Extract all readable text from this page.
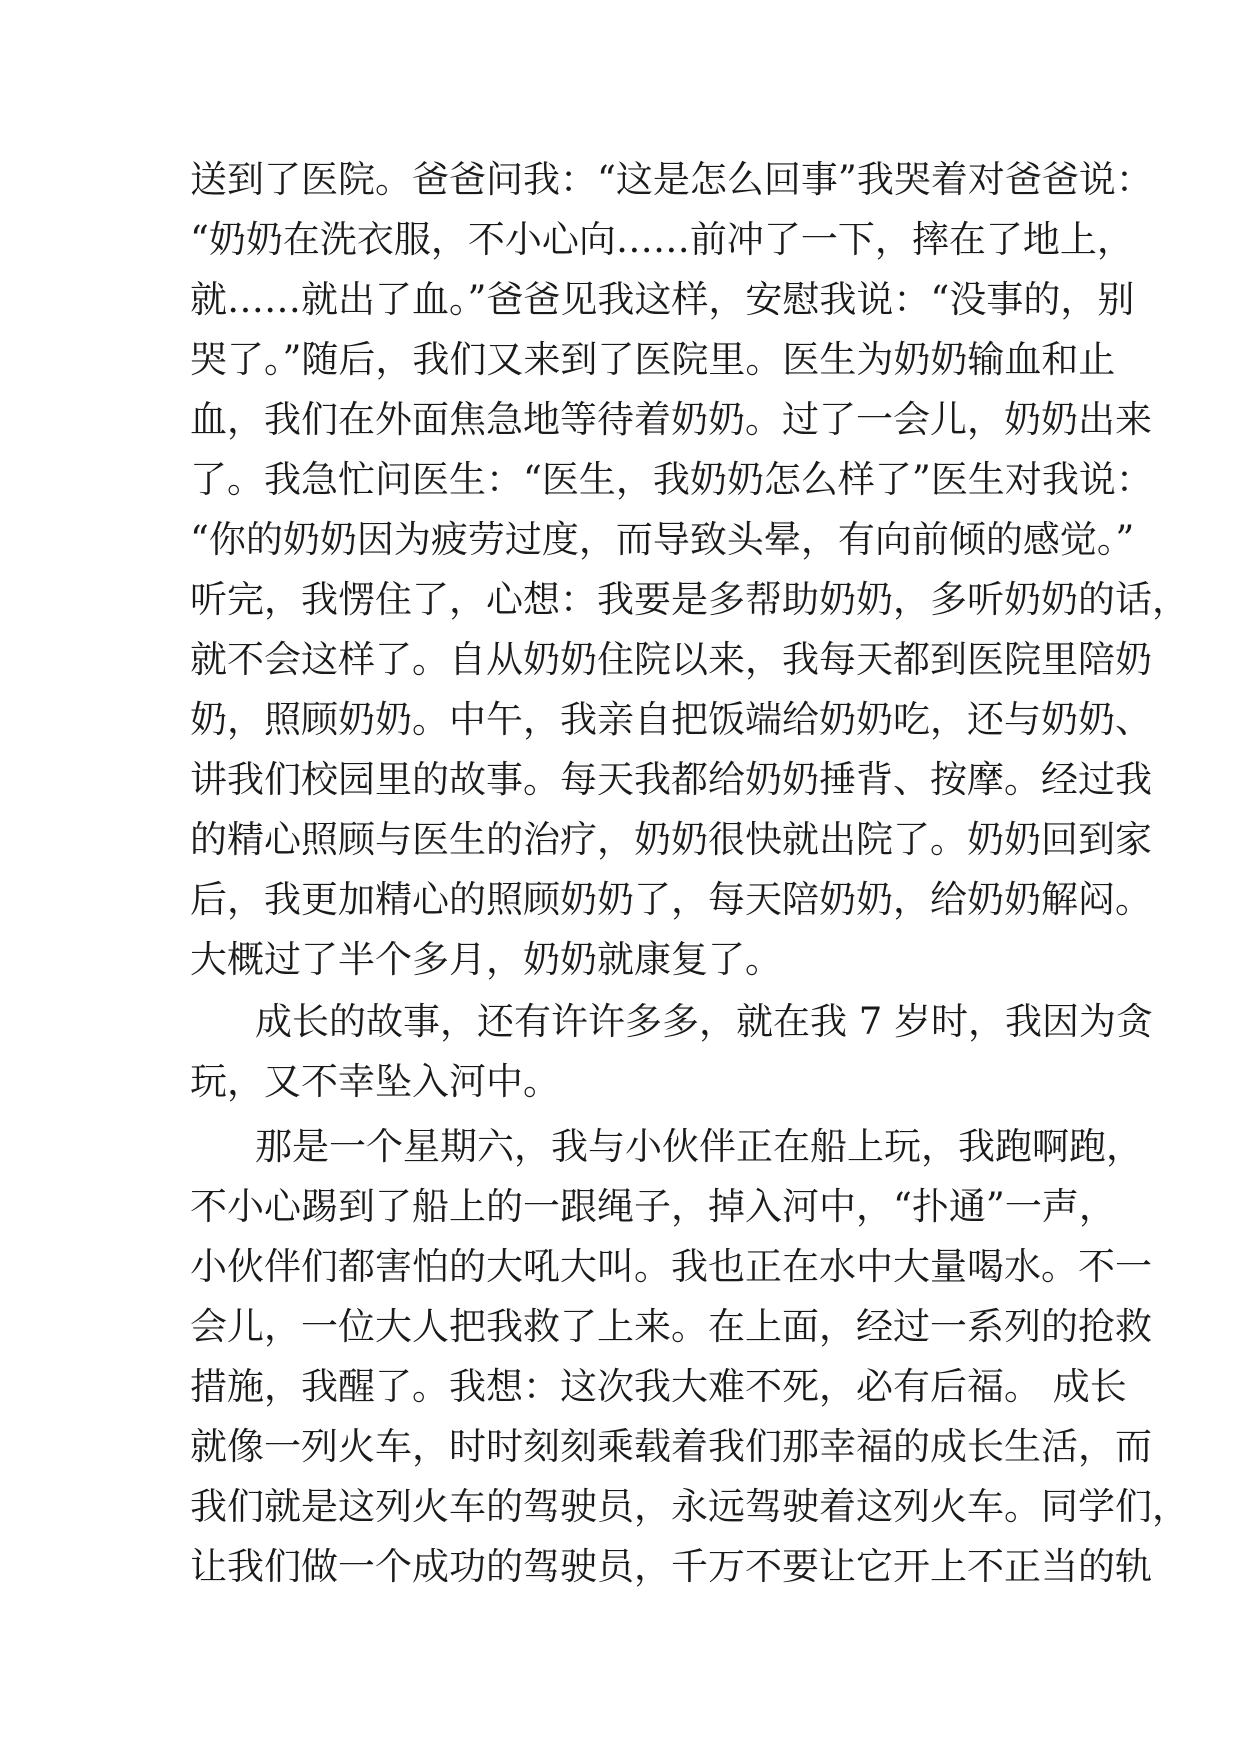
送到了医院。爸爸问我：“这是怎么回事”我哭着对爸爸说：
“奶奶在洗衣服，不小心向……前冲了一下，摔在了地上，
就……就出了血。”爸爸见我这样，安慰我说：“没事的，别
哭了。”随后，我们又来到了医院里。医生为奶奶输血和止
血，我们在外面焦急地等待着奶奶。过了一会儿，奶奶出来
了。我急忙问医生：“医生，我奶奶怎么样了”医生对我说：
“你的奶奶因为疲劳过度，而导致头晕，有向前倾的感觉。”
听完，我愣住了，心想：我要是多帮助奶奶，多听奶奶的话，
就不会这样了。自从奶奶住院以来，我每天都到医院里陪奶
奶，照顾奶奶。中午，我亲自把饭端给奶奶吃，还与奶奶、
讲我们校园里的故事。每天我都给奶奶捶背、按摩。经过我
的精心照顾与医生的治疗，奶奶很快就出院了。奶奶回到家
后，我更加精心的照顾奶奶了，每天陪奶奶，给奶奶解闷。
大概过了半个多月，奶奶就康复了。
成长的故事，还有许许多多，就在我 7 岁时，我因为贪
玩，又不幸坠入河中。
那是一个星期六，我与小伙伴正在船上玩，我跑啊跑，
不小心踢到了船上的一跟绳子，掉入河中，“扑通”一声，
小伙伴们都害怕的大吼大叫。我也正在水中大量喝水。不一
会儿，一位大人把我救了上来。在上面，经过一系列的抢救
措施，我醒了。我想：这次我大难不死，必有后福。 成长
就像一列火车，时时刻刻乘载着我们那幸福的成长生活，而
我们就是这列火车的驾驶员，永远驾驶着这列火车。同学们，
让我们做一个成功的驾驶员，千万不要让它开上不正当的轨
